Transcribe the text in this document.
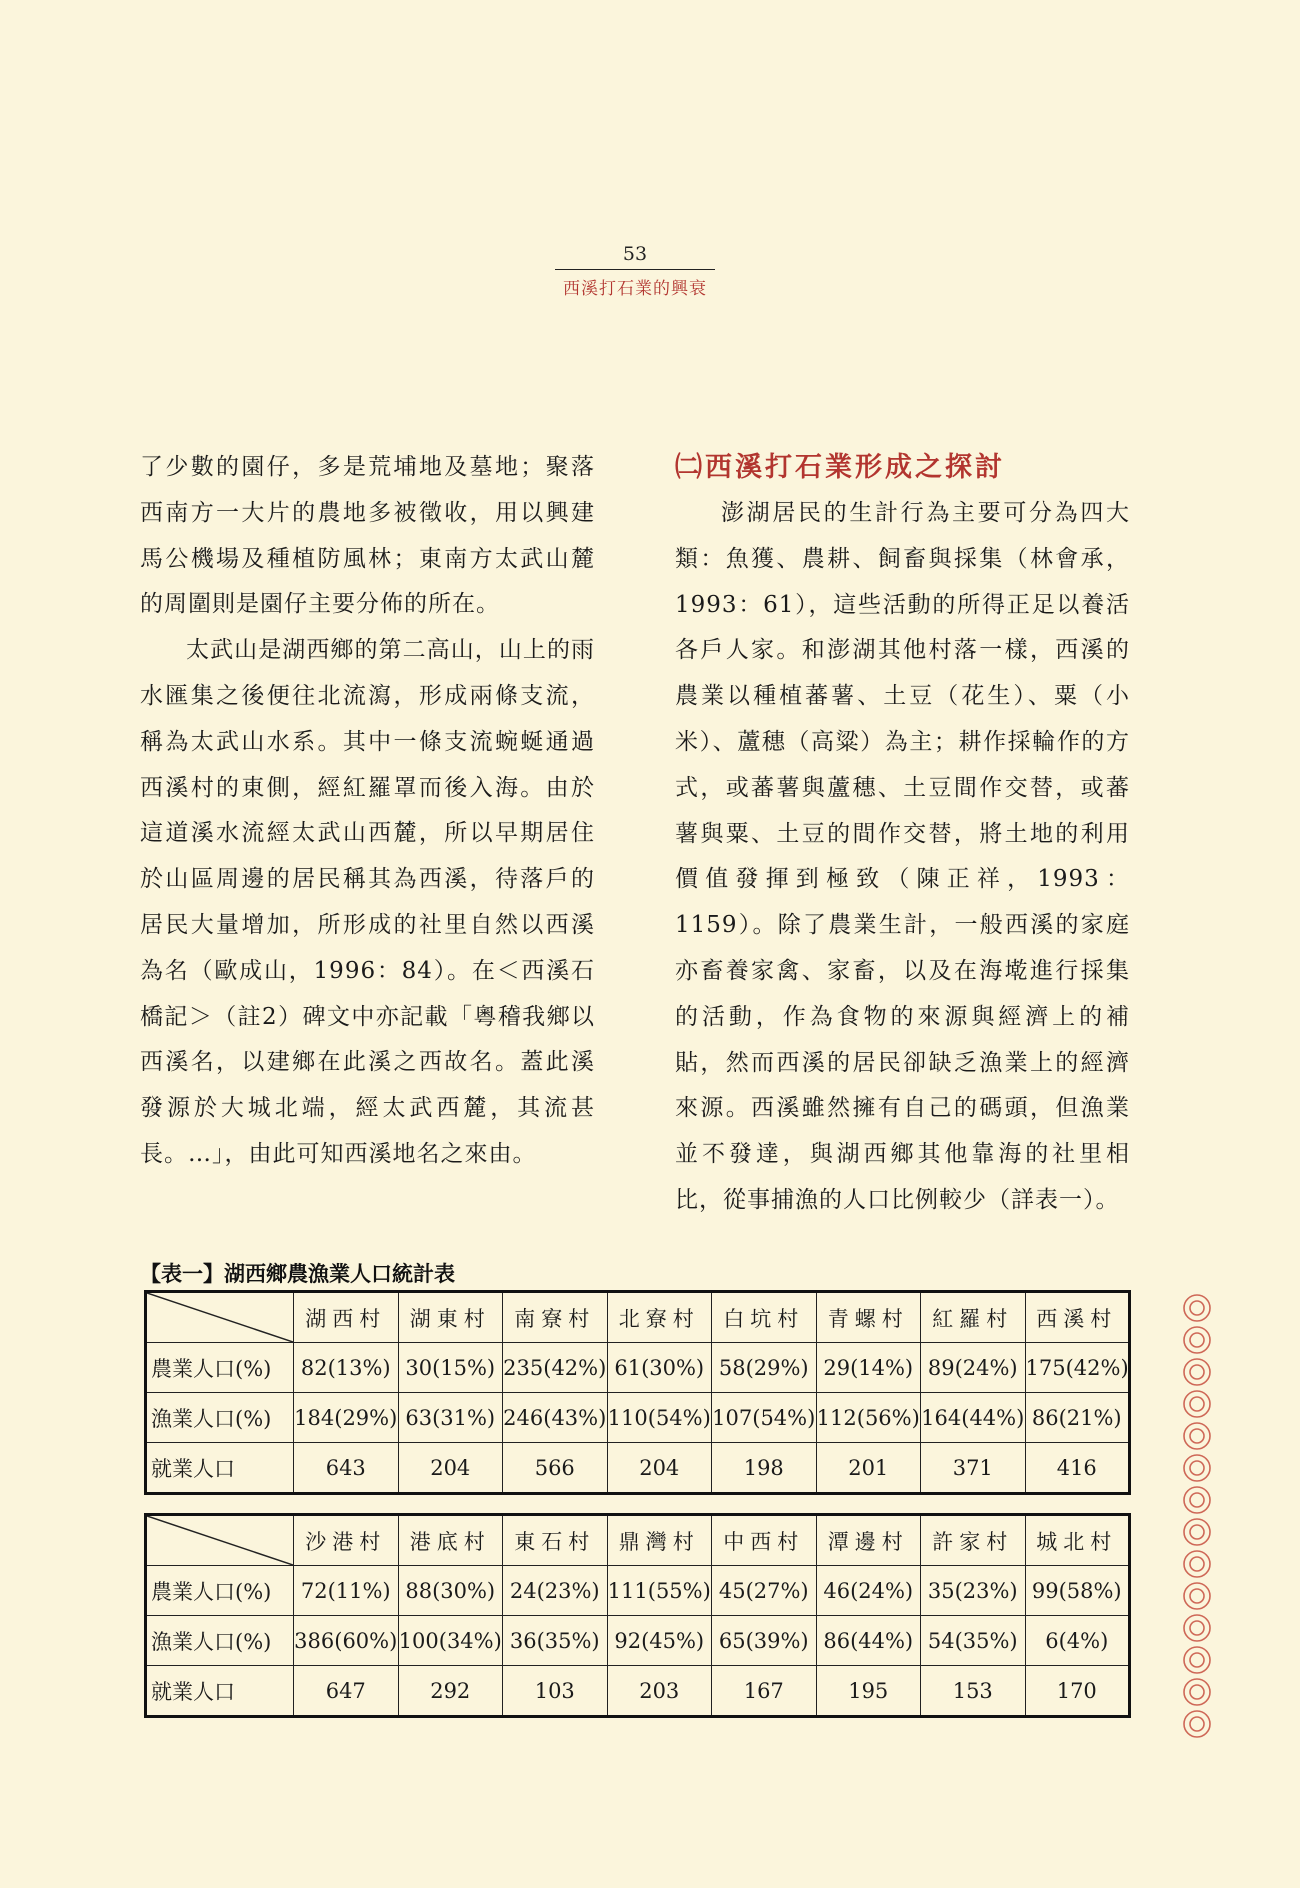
53
西溪打石業的興衰

了少數的園仔，多是荒埔地及墓地；聚落西南方一大片的農地多被徵收，用以興建馬公機場及種植防風林；東南方太武山麓的周圍則是園仔主要分佈的所在。

太武山是湖西鄉的第二高山，山上的雨水匯集之後便往北流瀉，形成兩條支流，稱為太武山水系。其中一條支流蜿蜒通過西溪村的東側，經紅羅罩而後入海。由於這道溪水流經太武山西麓，所以早期居住於山區周邊的居民稱其為西溪，待落戶的居民大量增加，所形成的社里自然以西溪為名（歐成山，1996：84）。在＜西溪石橋記＞（註2）碑文中亦記載「粵稽我鄉以西溪名，以建鄉在此溪之西故名。蓋此溪發源於大城北端，經太武西麓，其流甚長。…」，由此可知西溪地名之來由。

㈡西溪打石業形成之探討

澎湖居民的生計行為主要可分為四大類：魚獲、農耕、飼畜與採集（林會承，1993：61），這些活動的所得正足以養活各戶人家。和澎湖其他村落一樣，西溪的農業以種植蕃薯、土豆（花生）、粟（小米）、蘆穗（高粱）為主；耕作採輪作的方式，或蕃薯與蘆穗、土豆間作交替，或蕃薯與粟、土豆的間作交替，將土地的利用價值發揮到極致（陳正祥，1993：1159）。除了農業生計，一般西溪的家庭亦畜養家禽、家畜，以及在海墘進行採集的活動，作為食物的來源與經濟上的補貼，然而西溪的居民卻缺乏漁業上的經濟來源。西溪雖然擁有自己的碼頭，但漁業並不發達，與湖西鄉其他靠海的社里相比，從事捕漁的人口比例較少（詳表一）。

【表一】湖西鄉農漁業人口統計表
	湖西村	湖東村	南寮村	北寮村	白坑村	青螺村	紅羅村	西溪村
農業人口(%)	82(13%)	30(15%)	235(42%)	61(30%)	58(29%)	29(14%)	89(24%)	175(42%)
漁業人口(%)	184(29%)	63(31%)	246(43%)	110(54%)	107(54%)	112(56%)	164(44%)	86(21%)
就業人口	643	204	566	204	198	201	371	416
	沙港村	港底村	東石村	鼎灣村	中西村	潭邊村	許家村	城北村
農業人口(%)	72(11%)	88(30%)	24(23%)	111(55%)	45(27%)	46(24%)	35(23%)	99(58%)
漁業人口(%)	386(60%)	100(34%)	36(35%)	92(45%)	65(39%)	86(44%)	54(35%)	6(4%)
就業人口	647	292	103	203	167	195	153	170
